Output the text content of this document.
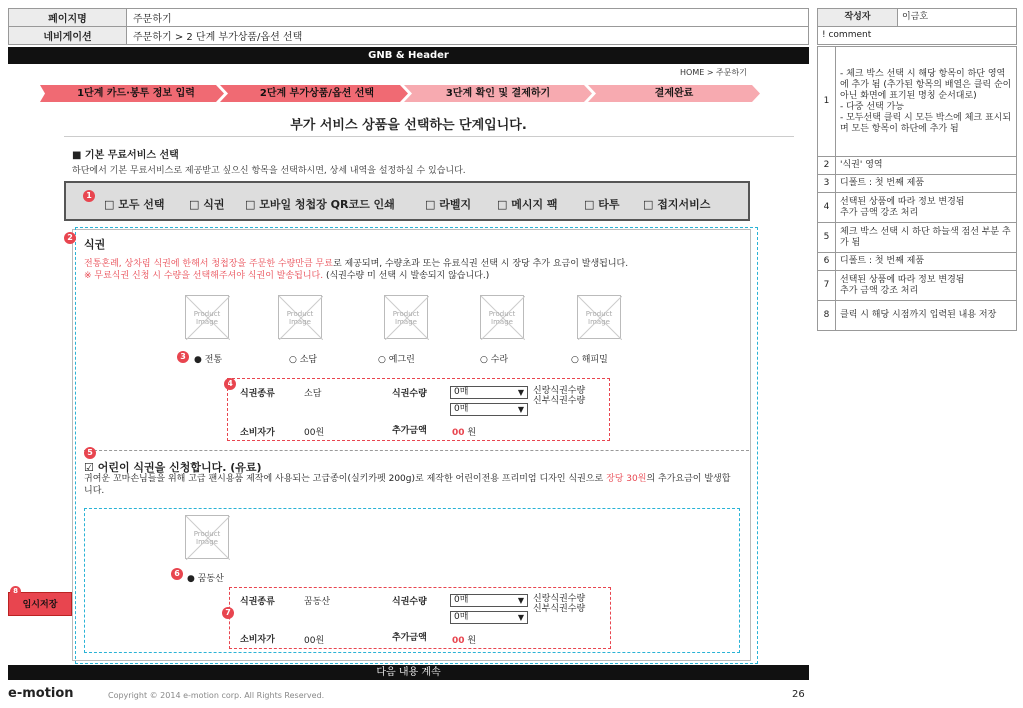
페이지명	주문하기
네비게이션	주문하기 > 2 단계 부가상품/옵션 선택
작성자	이금호
! comment
1	- 체크 박스 선택 시 해당 항목이 하단 영역에 추가 됨 (추가된 항목의 배열은 클릭 순이 아닌 화면에 표기된 명칭 순서대로)
- 다중 선택 가능
- 모두선택 클릭 시 모든 박스에 체크 표시되며 모든 항목이 하단에 추가 됨
2	'식권' 영역
3	디폴트 : 첫 번째 제품
4	선택된 상품에 따라 정보 변경됨
추가 금액 강조 처리
5	체크 박스 선택 시 하단 하늘색 점선 부분 추가 됨
6	디폴트 : 첫 번째 제품
7	선택된 상품에 따라 정보 변경됨
추가 금액 강조 처리
8	클릭 시 해당 시점까지 입력된 내용 저장
GNB & Header
HOME > 주문하기
1단계 카드·봉투 정보 입력	2단계 부가상품/옵션 선택	3단계 확인 및 결제하기	결제완료
부가 서비스 상품을 선택하는 단계입니다.
■ 기본 무료서비스 선택
하단에서 기본 무료서비스로 제공받고 싶으신 항목을 선택하시면, 상세 내역을 설정하실 수 있습니다.
1
□ 모두 선택 □ 식권 □ 모바일 청첩장 QR코드 인쇄	□ 라벨지 □ 메시지 팩 □ 타투 □ 접지서비스
2
식권
전통혼례, 상차림 식권에 한해서 청첩장을 주문한 수량만큼 무료로 제공되며, 수량초과 또는 유료식권 선택 시 장당 추가 요금이 발생됩니다.
※ 무료식권 신청 시 수량을 선택해주셔야 식권이 발송됩니다. (식권수량 미 선택 시 발송되지 않습니다.)
Product Image
Product Image
Product Image
Product Image
Product Image
3 ● 전통	○ 소담	○ 예그린	○ 수라	○ 해피밀
4
식권종류	소담	식권수량	0매	▼
0매	▼
신랑식권수량
신부식권수량
소비자가	00원	추가금액	00 원
5
☑ 어린이 식권을 신청합니다. (유료)
귀여운 꼬마손님들을 위해 고급 팬시용품 제작에 사용되는 고급종이(실키카펫 200g)로 제작한 어린이전용 프리미엄 디자인 식권으로 장당 30원의 추가요금이 발생합니다.
Product Image
6
● 꿈동산
7
식권종류	꿈동산	식권수량	0매	▼
0매	▼
신랑식권수량
신부식권수량
소비자가	00원	추가금액	00 원
임시저장
8
다음 내용 계속
e-motion	Copyright © 2014 e-motion corp. All Rights Reserved.	26
